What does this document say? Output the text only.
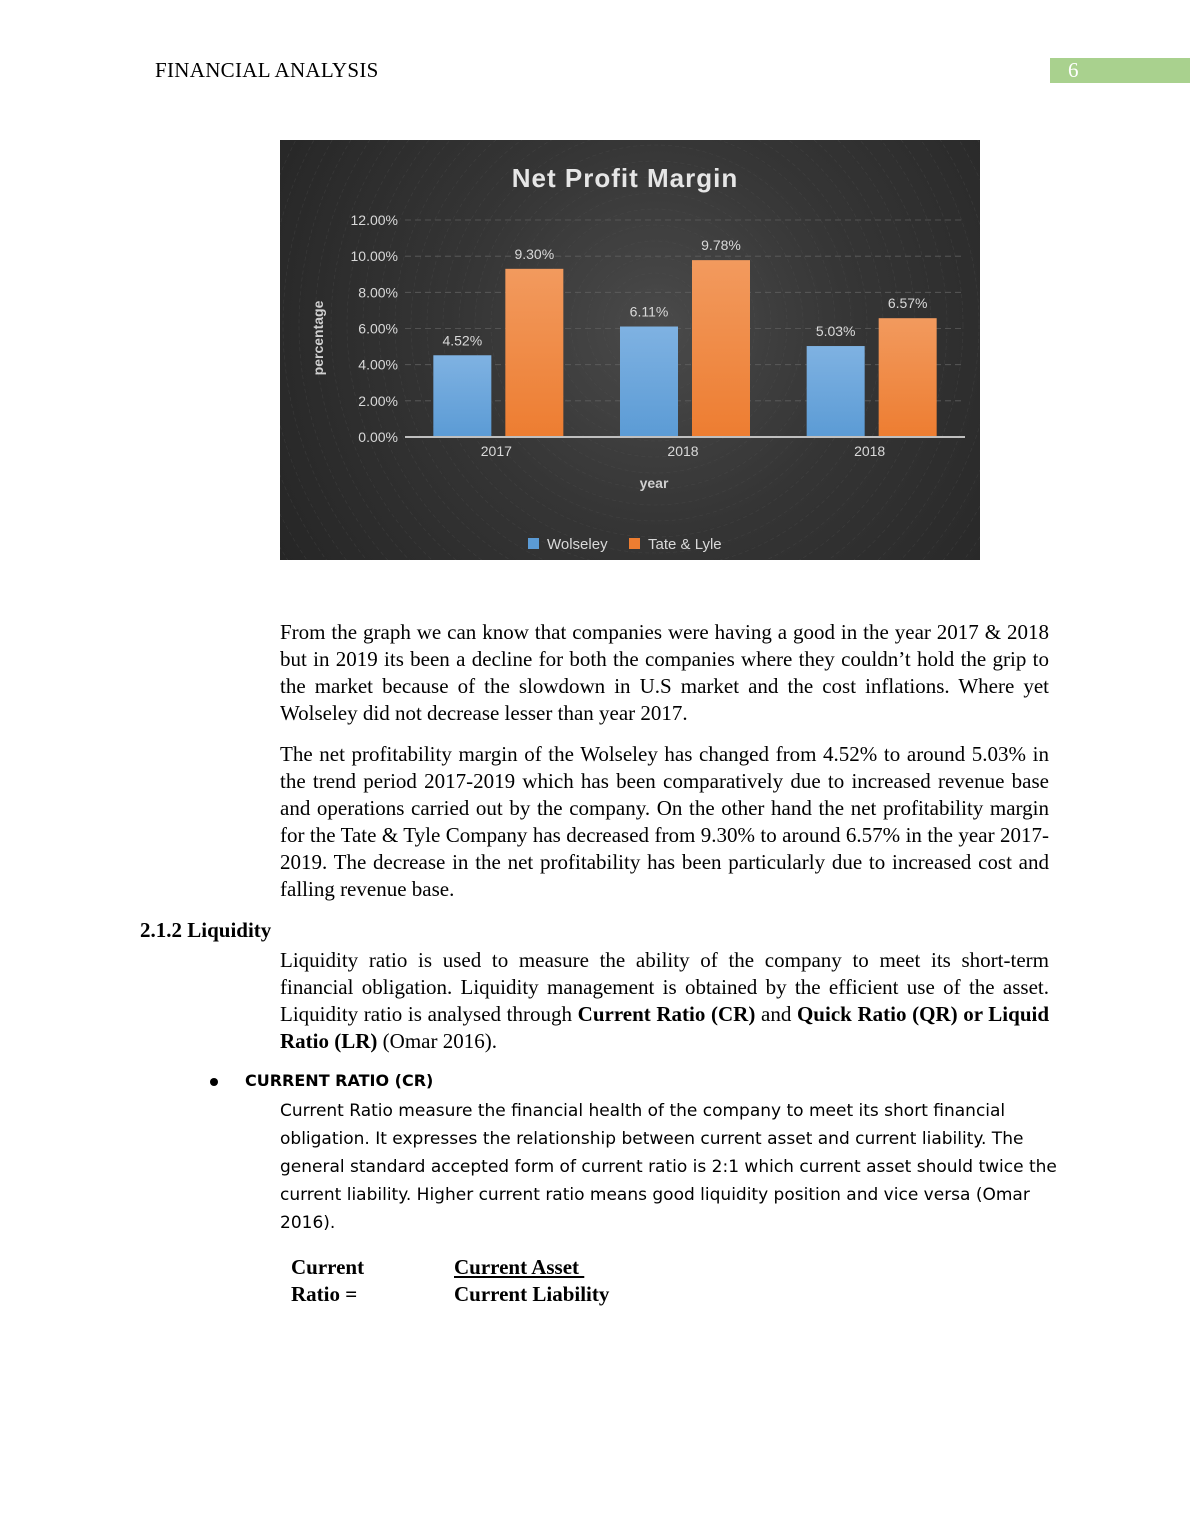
FINANCIAL ANALYSIS	6
Net Profit Margin
0.00%
2.00%
4.00%
6.00%
8.00%
10.00%
12.00%
4.52%
9.30%
6.11%
9.78%
5.03%
6.57%
2017	2018	2018
year
percentage
Wolseley	Tate & Lyle

From the graph we can know that companies were having a good in the year 2017 & 2018 but in 2019 its been a decline for both the companies where they couldn’t hold the grip to the market because of the slowdown in U.S market and the cost inflations. Where yet Wolseley did not decrease lesser than year 2017.

The net profitability margin of the Wolseley has changed from 4.52% to around 5.03% in the trend period 2017-2019 which has been comparatively due to increased revenue base and operations carried out by the company. On the other hand the net profitability margin for the Tate & Tyle Company has decreased from 9.30% to around 6.57% in the year 2017-2019. The decrease in the net profitability has been particularly due to increased cost and falling revenue base.

2.1.2 Liquidity

Liquidity ratio is used to measure the ability of the company to meet its short-term financial obligation. Liquidity management is obtained by the efficient use of the asset. Liquidity ratio is analysed through Current Ratio (CR) and Quick Ratio (QR) or Liquid Ratio (LR) (Omar 2016).

CURRENT RATIO (CR)

Current Ratio measure the financial health of the company to meet its short financial obligation. It expresses the relationship between current asset and current liability. The general standard accepted form of current ratio is 2:1 which current asset should twice the current liability. Higher current ratio means good liquidity position and vice versa (Omar 2016).

Current
Ratio =
Current Asset
Current Liability
